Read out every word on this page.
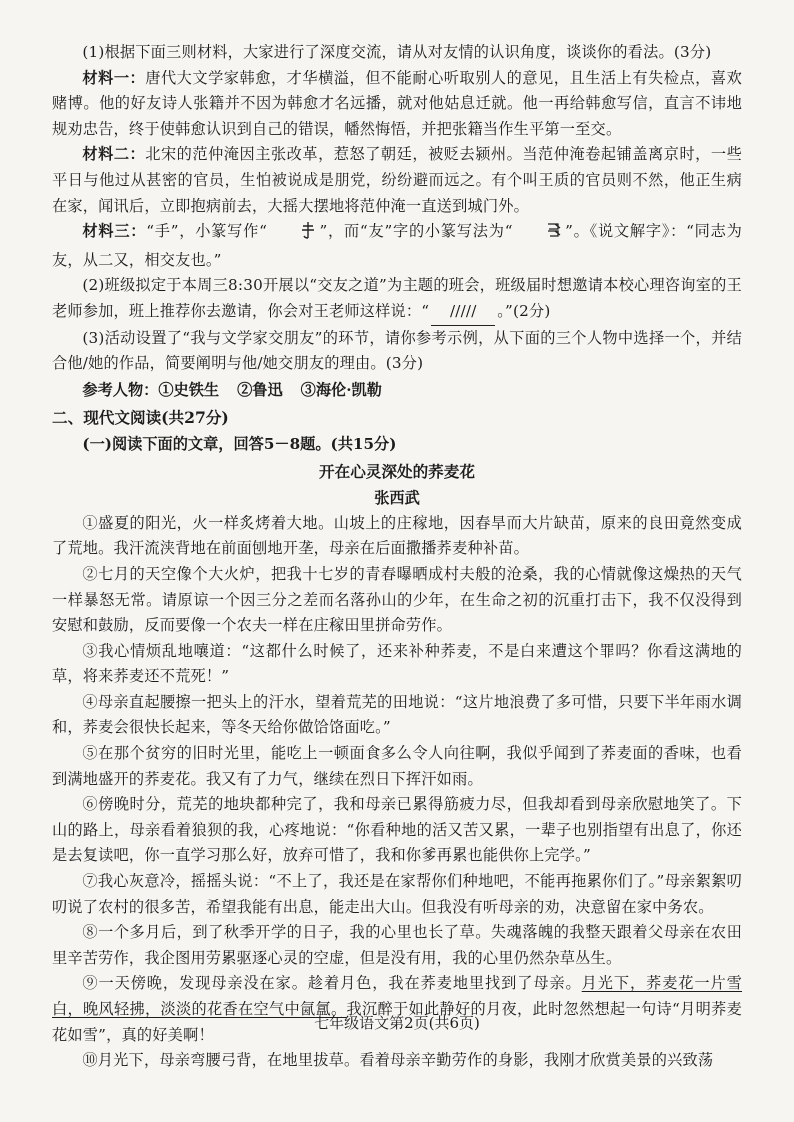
(1)根据下面三则材料，大家进行了深度交流，请从对友情的认识角度，谈谈你的看法。(3分)

材料一：唐代大文学家韩愈，才华横溢，但不能耐心听取别人的意见，且生活上有失检点，喜欢赌博。他的好友诗人张籍并不因为韩愈才名远播，就对他姑息迁就。他一再给韩愈写信，直言不讳地规劝忠告，终于使韩愈认识到自己的错误，幡然悔悟，并把张籍当作生平第一至交。

材料二：北宋的范仲淹因主张改革，惹怒了朝廷，被贬去颍州。当范仲淹卷起铺盖离京时，一些平日与他过从甚密的官员，生怕被说成是朋党，纷纷避而远之。有个叫王质的官员则不然，他正生病在家，闻讯后，立即抱病前去，大摇大摆地将范仲淹一直送到城门外。

材料三：“手”，小篆写作“	”，而“友”字的小篆写法为“	”。《说文解字》：“同志为友，从二又，相交友也。”

(2)班级拟定于本周三8:30开展以“交友之道”为主题的班会，班级届时想邀请本校心理咨询室的王老师参加，班上推荐你去邀请，你会对王老师这样说：“ ///// 。”(2分)

(3)活动设置了“我与文学家交朋友”的环节，请你参考示例，从下面的三个人物中选择一个，并结合他/她的作品，简要阐明与他/她交朋友的理由。(3分)

参考人物：①史铁生 ②鲁迅 ③海伦·凯勒

二、现代文阅读(共27分)

(一)阅读下面的文章，回答5－8题。(共15分)

开在心灵深处的荞麦花

张西武

①盛夏的阳光，火一样炙烤着大地。山坡上的庄稼地，因春旱而大片缺苗，原来的良田竟然变成了荒地。我汗流浃背地在前面刨地开垄，母亲在后面撒播荞麦种补苗。

②七月的天空像个大火炉，把我十七岁的青春曝晒成村夫般的沧桑，我的心情就像这燥热的天气一样暴怒无常。请原谅一个因三分之差而名落孙山的少年，在生命之初的沉重打击下，我不仅没得到安慰和鼓励，反而要像一个农夫一样在庄稼田里拼命劳作。

③我心情烦乱地嚷道：“这都什么时候了，还来补种荞麦，不是白来遭这个罪吗？你看这满地的草，将来荞麦还不荒死！”

④母亲直起腰擦一把头上的汗水，望着荒芜的田地说：“这片地浪费了多可惜，只要下半年雨水调和，荞麦会很快长起来，等冬天给你做饸饹面吃。”

⑤在那个贫穷的旧时光里，能吃上一顿面食多么令人向往啊，我似乎闻到了荞麦面的香味，也看到满地盛开的荞麦花。我又有了力气，继续在烈日下挥汗如雨。

⑥傍晚时分，荒芜的地块都种完了，我和母亲已累得筋疲力尽，但我却看到母亲欣慰地笑了。下山的路上，母亲看着狼狈的我，心疼地说：“你看种地的活又苦又累，一辈子也别指望有出息了，你还是去复读吧，你一直学习那么好，放弃可惜了，我和你爹再累也能供你上完学。”

⑦我心灰意冷，摇摇头说：“不上了，我还是在家帮你们种地吧，不能再拖累你们了。”母亲絮絮叨叨说了农村的很多苦，希望我能有出息，能走出大山。但我没有听母亲的劝，决意留在家中务农。

⑧一个多月后，到了秋季开学的日子，我的心里也长了草。失魂落魄的我整天跟着父母亲在农田里辛苦劳作，我企图用劳累驱逐心灵的空虚，但是没有用，我的心里仍然杂草丛生。

⑨一天傍晚，发现母亲没在家。趁着月色，我在荞麦地里找到了母亲。月光下，荞麦花一片雪白，晚风轻拂，淡淡的花香在空气中氤氲。我沉醉于如此静好的月夜，此时忽然想起一句诗“月明荞麦花如雪”，真的好美啊！

⑩月光下，母亲弯腰弓背，在地里拔草。看着母亲辛勤劳作的身影，我刚才欣赏美景的兴致荡

七年级语文第2页(共6页)
